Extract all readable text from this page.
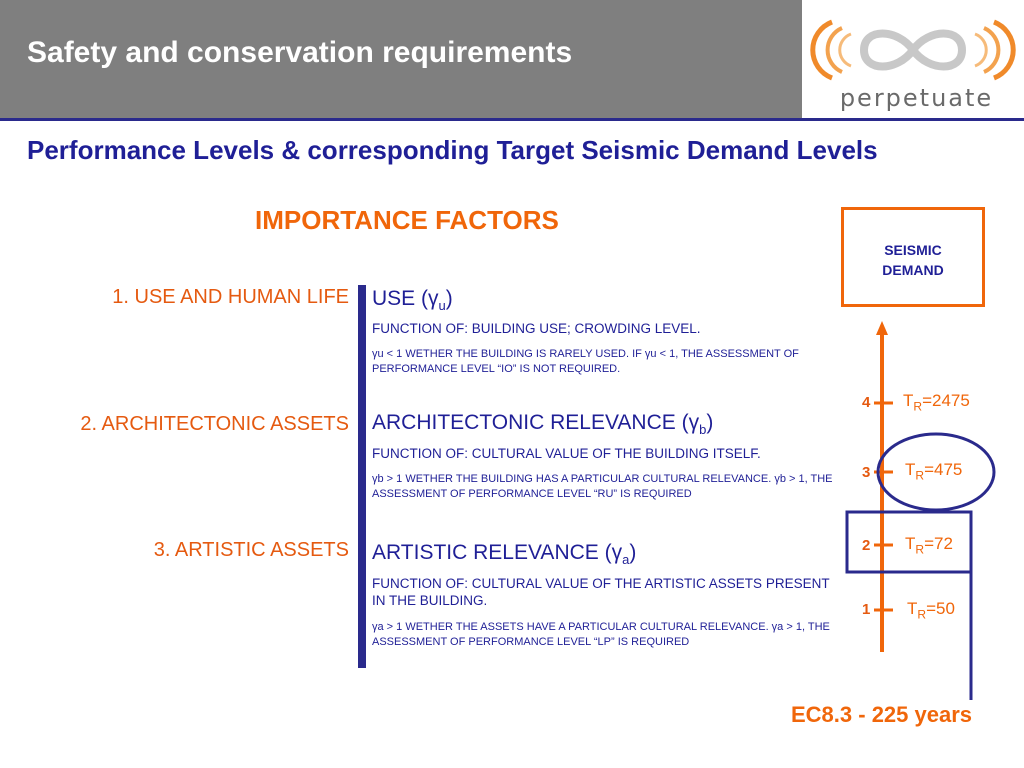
Safety and conservation requirements
perpetuate
Performance Levels & corresponding Target Seismic Demand Levels
IMPORTANCE FACTORS
1. USE AND HUMAN LIFE
2. ARCHITECTONIC ASSETS
3. ARTISTIC ASSETS
USE $(\gamma_u)$
FUNCTION OF: BUILDING USE; CROWDING LEVEL.
γu < 1 WETHER THE BUILDING IS RARELY USED. IF γu < 1, THE ASSESSMENT OF PERFORMANCE LEVEL “IO” IS NOT REQUIRED.
ARCHITECTONIC RELEVANCE $(\gamma_b)$
FUNCTION OF: CULTURAL VALUE OF THE BUILDING ITSELF.
γb > 1 WETHER THE BUILDING HAS A PARTICULAR CULTURAL RELEVANCE. γb > 1, THE ASSESSMENT OF PERFORMANCE LEVEL “RU” IS REQUIRED
ARTISTIC RELEVANCE $(\gamma_a)$
FUNCTION OF: CULTURAL VALUE OF THE ARTISTIC ASSETS PRESENT IN THE BUILDING.
γa > 1 WETHER THE ASSETS HAVE A PARTICULAR CULTURAL RELEVANCE. γa > 1, THE ASSESSMENT OF PERFORMANCE LEVEL “LP” IS REQUIRED
SEISMIC
DEMAND
4
3
2
1
$T_R=2475$
$T_R=475$
$T_R=72$
$T_R=50$
EC8.3 - 225 years
